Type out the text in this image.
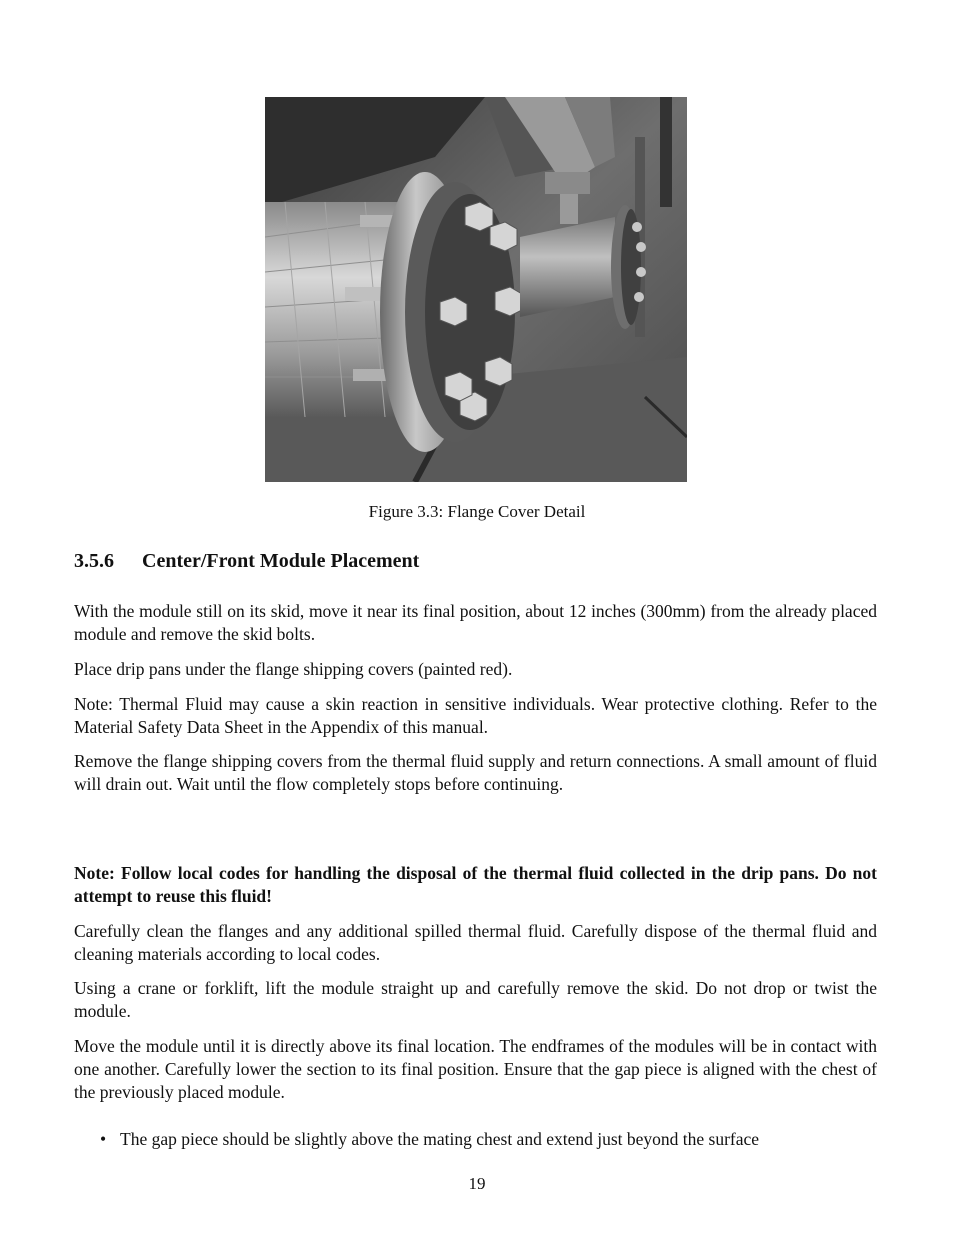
Figure 3.3: Flange Cover Detail
3.5.6 Center/Front Module Placement
With the module still on its skid, move it near its final position, about 12 inches (300mm) from the already placed module and remove the skid bolts.
Place drip pans under the flange shipping covers (painted red).
Note: Thermal Fluid may cause a skin reaction in sensitive individuals. Wear protective clothing. Refer to the Material Safety Data Sheet in the Appendix of this manual.
Remove the flange shipping covers from the thermal fluid supply and return connections. A small amount of fluid will drain out. Wait until the flow completely stops before continuing.
Note: Follow local codes for handling the disposal of the thermal fluid collected in the drip pans. Do not attempt to reuse this fluid!
Carefully clean the flanges and any additional spilled thermal fluid. Carefully dispose of the thermal fluid and cleaning materials according to local codes.
Using a crane or forklift, lift the module straight up and carefully remove the skid. Do not drop or twist the module.
Move the module until it is directly above its final location. The endframes of the modules will be in contact with one another. Carefully lower the section to its final position. Ensure that the gap piece is aligned with the chest of the previously placed module.
• The gap piece should be slightly above the mating chest and extend just beyond the surface
19
